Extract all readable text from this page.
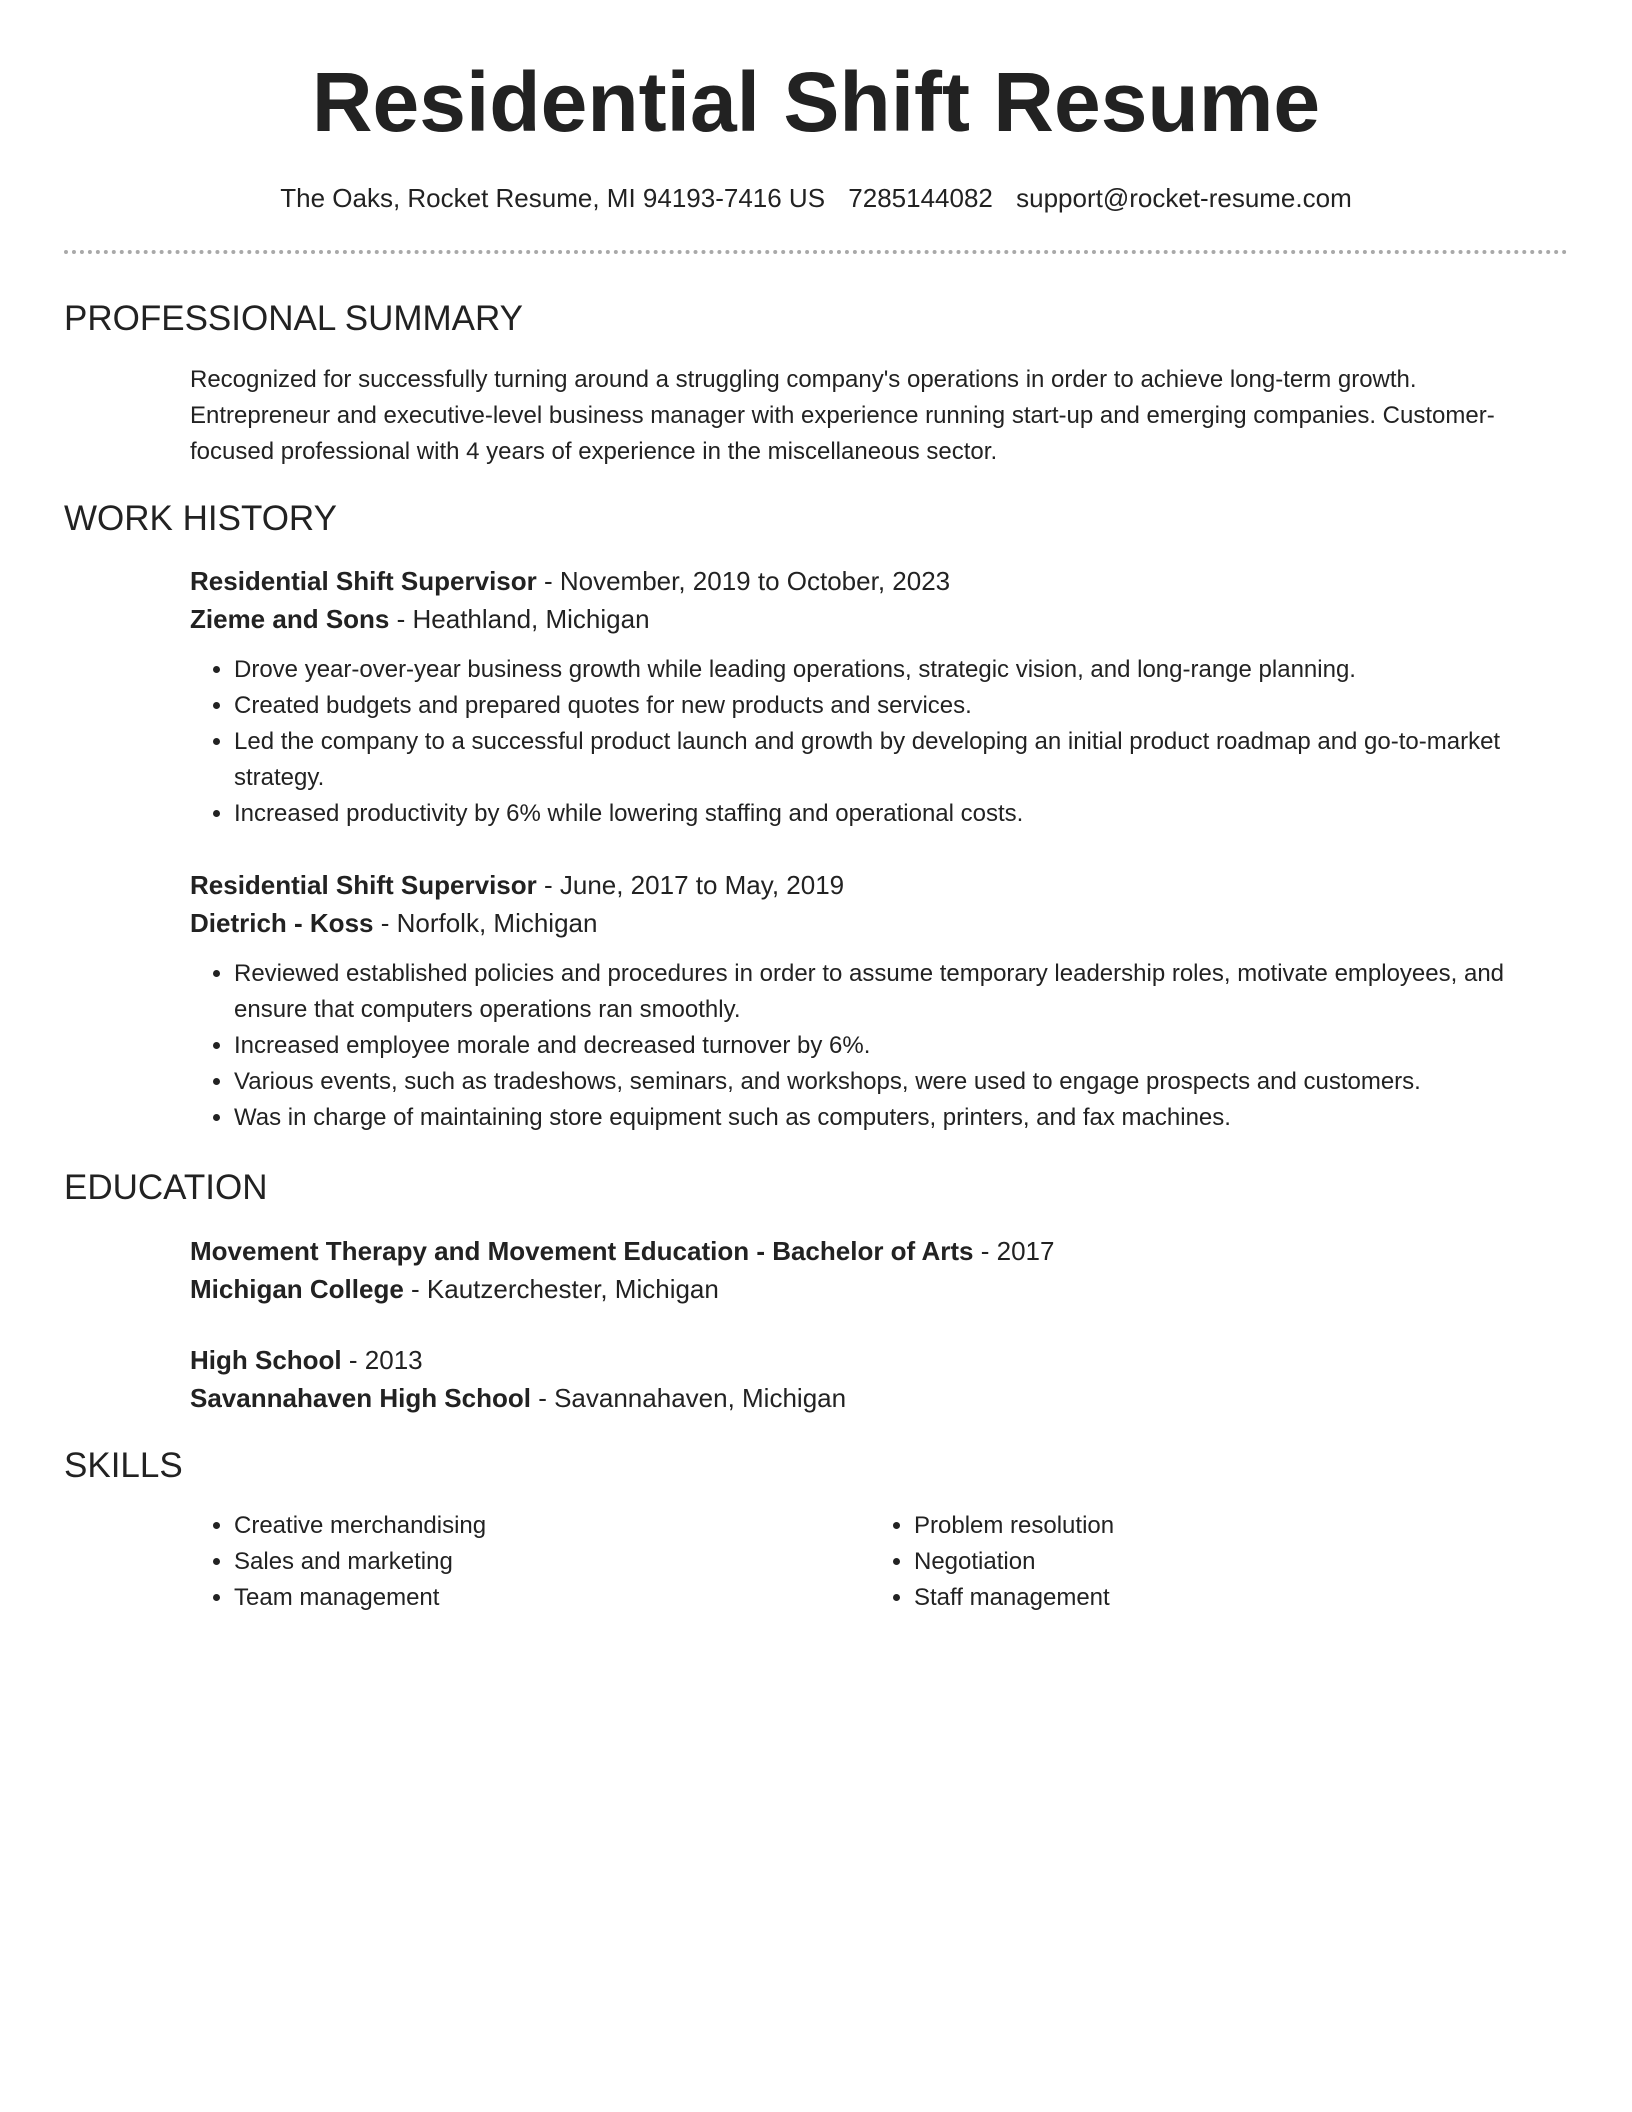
Residential Shift Resume
The Oaks, Rocket Resume, MI 94193-7416 US 7285144082 support@rocket-resume.com
PROFESSIONAL SUMMARY

Recognized for successfully turning around a struggling company's operations in order to achieve long-term growth. Entrepreneur and executive-level business manager with experience running start-up and emerging companies. Customer-focused professional with 4 years of experience in the miscellaneous sector.

WORK HISTORY
Residential Shift Supervisor - November, 2019 to October, 2023
Zieme and Sons - Heathland, Michigan
• Drove year-over-year business growth while leading operations, strategic vision, and long-range planning.
• Created budgets and prepared quotes for new products and services.
• Led the company to a successful product launch and growth by developing an initial product roadmap and go-to-market strategy.
• Increased productivity by 6% while lowering staffing and operational costs.
Residential Shift Supervisor - June, 2017 to May, 2019
Dietrich - Koss - Norfolk, Michigan
• Reviewed established policies and procedures in order to assume temporary leadership roles, motivate employees, and ensure that computers operations ran smoothly.
• Increased employee morale and decreased turnover by 6%.
• Various events, such as tradeshows, seminars, and workshops, were used to engage prospects and customers.
• Was in charge of maintaining store equipment such as computers, printers, and fax machines.
EDUCATION
Movement Therapy and Movement Education - Bachelor of Arts - 2017
Michigan College - Kautzerchester, Michigan
High School - 2013
Savannahaven High School - Savannahaven, Michigan
SKILLS
• Creative merchandising
• Sales and marketing
• Team management
• Problem resolution
• Negotiation
• Staff management
